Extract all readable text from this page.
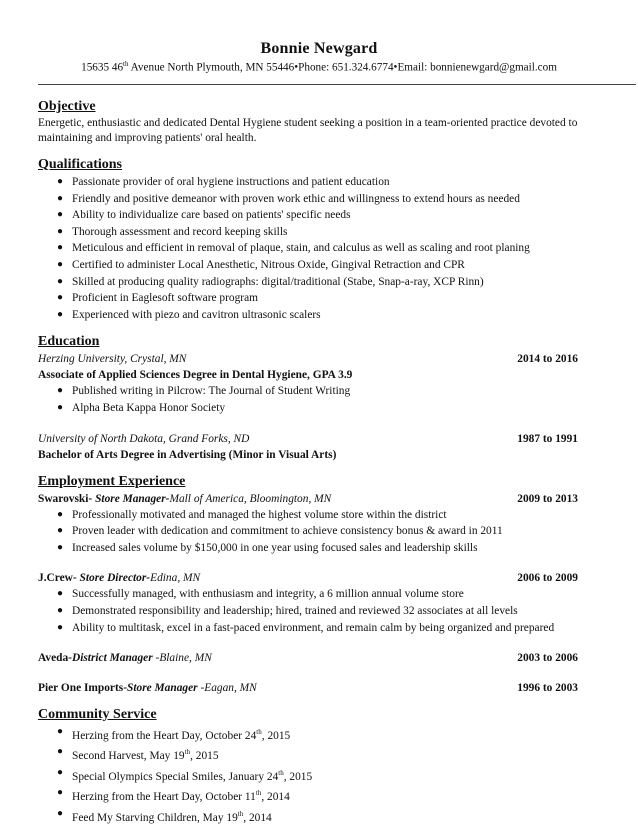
Bonnie Newgard
15635 46th Avenue North Plymouth, MN 55446•Phone: 651.324.6774•Email: bonnienewgard@gmail.com
Objective

Energetic, enthusiastic and dedicated Dental Hygiene student seeking a position in a team-oriented practice devoted to maintaining and improving patients' oral health.

Qualifications
● Passionate provider of oral hygiene instructions and patient education
● Friendly and positive demeanor with proven work ethic and willingness to extend hours as needed
● Ability to individualize care based on patients' specific needs
● Thorough assessment and record keeping skills
● Meticulous and efficient in removal of plaque, stain, and calculus as well as scaling and root planing
● Certified to administer Local Anesthetic, Nitrous Oxide, Gingival Retraction and CPR
● Skilled at producing quality radiographs: digital/traditional (Stabe, Snap-a-ray, XCP Rinn)
● Proficient in Eaglesoft software program
● Experienced with piezo and cavitron ultrasonic scalers
Education
Herzing University, Crystal, MN	2014 to 2016
Associate of Applied Sciences Degree in Dental Hygiene, GPA 3.9
● Published writing in Pilcrow: The Journal of Student Writing
● Alpha Beta Kappa Honor Society
University of North Dakota, Grand Forks, ND	1987 to 1991
Bachelor of Arts Degree in Advertising (Minor in Visual Arts)
Employment Experience
Swarovski- Store Manager-Mall of America, Bloomington, MN	2009 to 2013
● Professionally motivated and managed the highest volume store within the district
● Proven leader with dedication and commitment to achieve consistency bonus & award in 2011
● Increased sales volume by $150,000 in one year using focused sales and leadership skills
J.Crew- Store Director-Edina, MN	2006 to 2009
● Successfully managed, with enthusiasm and integrity, a 6 million annual volume store
● Demonstrated responsibility and leadership; hired, trained and reviewed 32 associates at all levels
● Ability to multitask, excel in a fast-paced environment, and remain calm by being organized and prepared
Aveda-District Manager -Blaine, MN	2003 to 2006
Pier One Imports-Store Manager -Eagan, MN	1996 to 2003
Community Service
● Herzing from the Heart Day, October 24th, 2015
● Second Harvest, May 19th, 2015
● Special Olympics Special Smiles, January 24th, 2015
● Herzing from the Heart Day, October 11th, 2014
● Feed My Starving Children, May 19th, 2014
